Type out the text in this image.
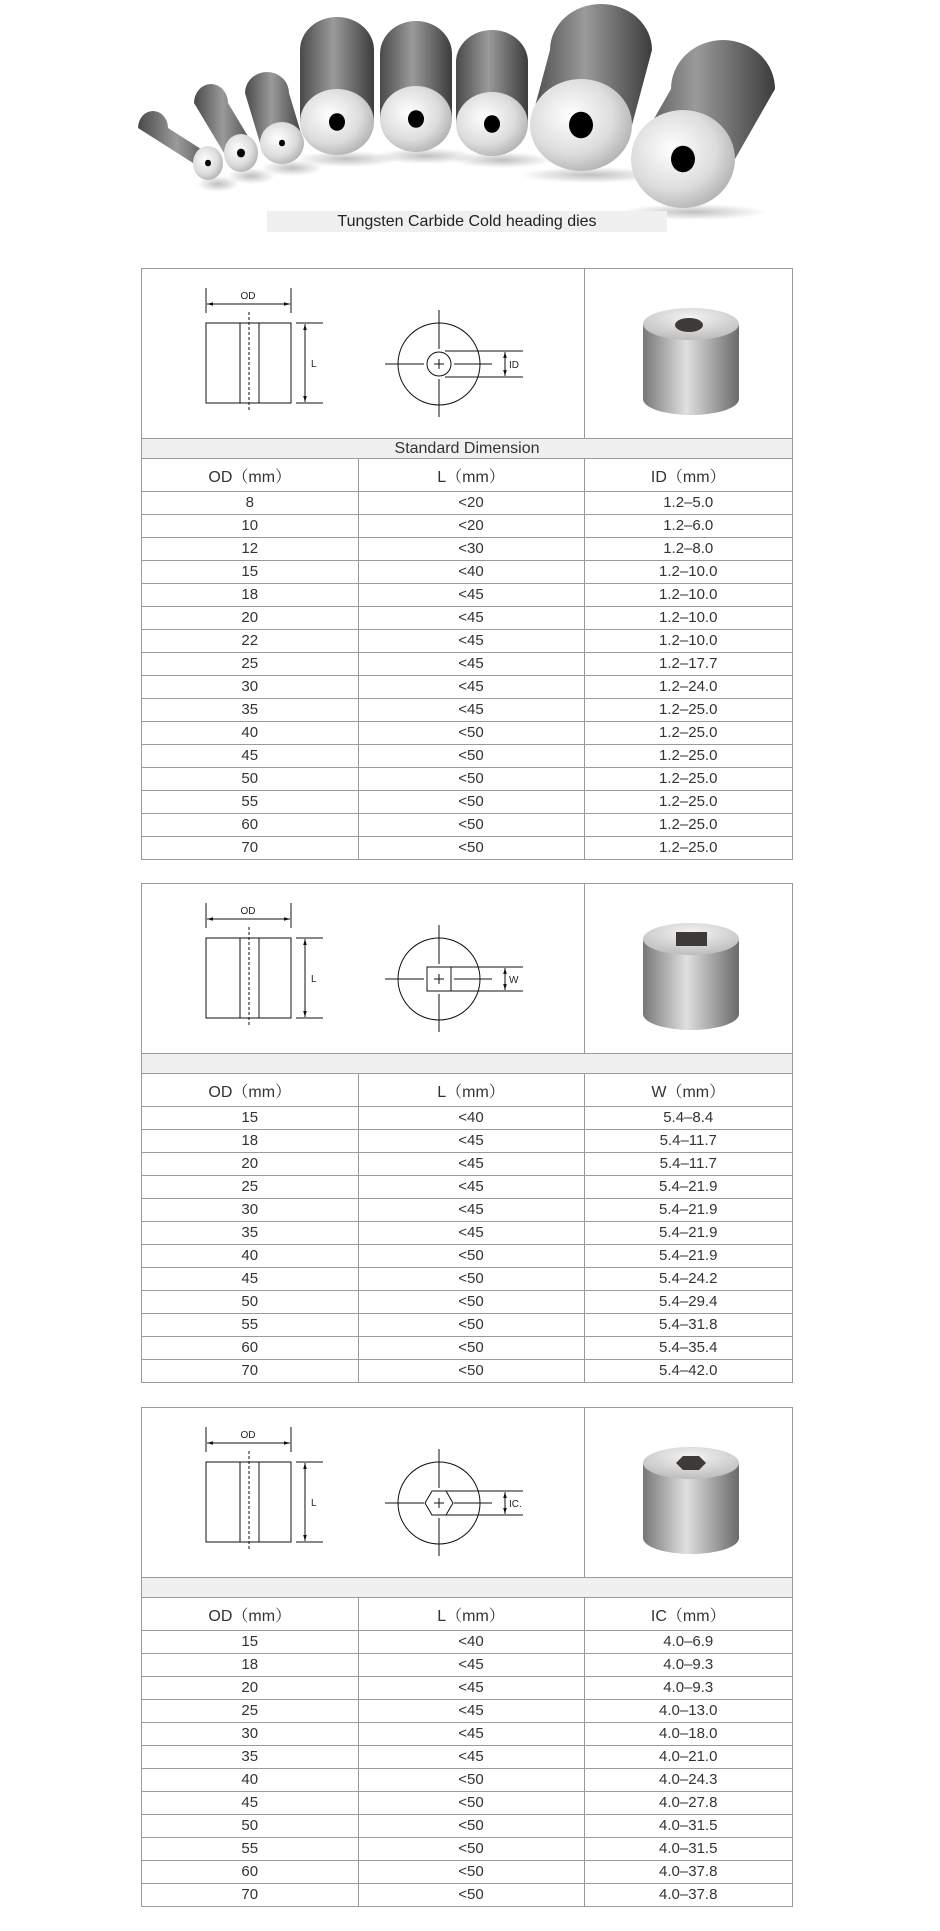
Tungsten Carbide Cold heading dies
OD
L	ID
Standard Dimension
OD（mm）	L（mm）	ID（mm）
8	<20	1.2–5.0
10	<20	1.2–6.0
12	<30	1.2–8.0
15	<40	1.2–10.0
18	<45	1.2–10.0
20	<45	1.2–10.0
22	<45	1.2–10.0
25	<45	1.2–17.7
30	<45	1.2–24.0
35	<45	1.2–25.0
40	<50	1.2–25.0
45	<50	1.2–25.0
50	<50	1.2–25.0
55	<50	1.2–25.0
60	<50	1.2–25.0
70	<50	1.2–25.0
OD
L	W
OD（mm）	L（mm）	W（mm）
15	<40	5.4–8.4
18	<45	5.4–11.7
20	<45	5.4–11.7
25	<45	5.4–21.9
30	<45	5.4–21.9
35	<45	5.4–21.9
40	<50	5.4–21.9
45	<50	5.4–24.2
50	<50	5.4–29.4
55	<50	5.4–31.8
60	<50	5.4–35.4
70	<50	5.4–42.0
OD
L	IC.
OD（mm）	L（mm）	IC（mm）
15	<40	4.0–6.9
18	<45	4.0–9.3
20	<45	4.0–9.3
25	<45	4.0–13.0
30	<45	4.0–18.0
35	<45	4.0–21.0
40	<50	4.0–24.3
45	<50	4.0–27.8
50	<50	4.0–31.5
55	<50	4.0–31.5
60	<50	4.0–37.8
70	<50	4.0–37.8
